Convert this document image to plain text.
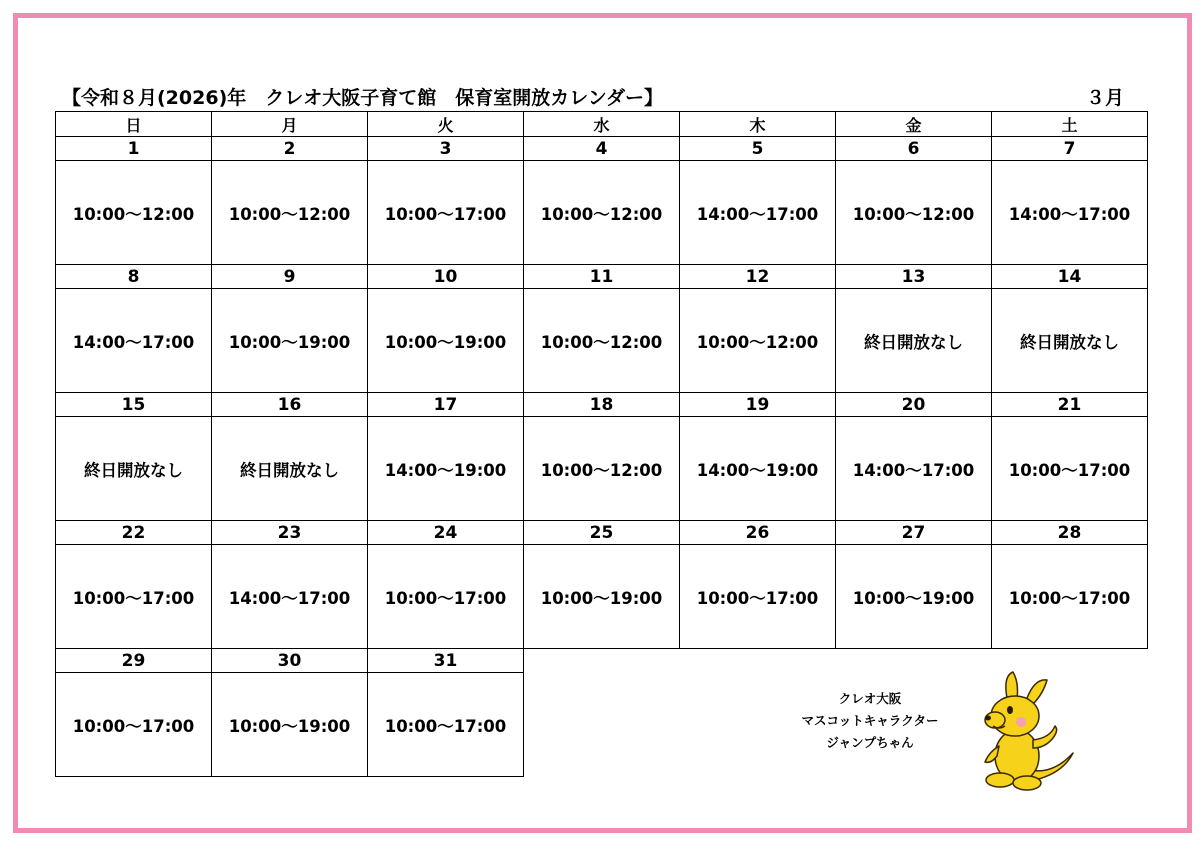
【令和８月(2026)年　クレオ大阪子育て館　保育室開放カレンダー】	３月
日	月	火	水	木	金	土
1	2	3	4	5	6	7
10:00～12:00	10:00～12:00	10:00～17:00	10:00～12:00	14:00～17:00	10:00～12:00	14:00～17:00
8	9	10	11	12	13	14
14:00～17:00	10:00～19:00	10:00～19:00	10:00～12:00	10:00～12:00	終日開放なし	終日開放なし
15	16	17	18	19	20	21
終日開放なし	終日開放なし	14:00～19:00	10:00～12:00	14:00～19:00	14:00～17:00	10:00～17:00
22	23	24	25	26	27	28
10:00～17:00	14:00～17:00	10:00～17:00	10:00～19:00	10:00～17:00	10:00～19:00	10:00～17:00
29	30	31				
10:00～17:00	10:00～19:00	10:00～17:00				
クレオ大阪
マスコットキャラクター
ジャンプちゃん
